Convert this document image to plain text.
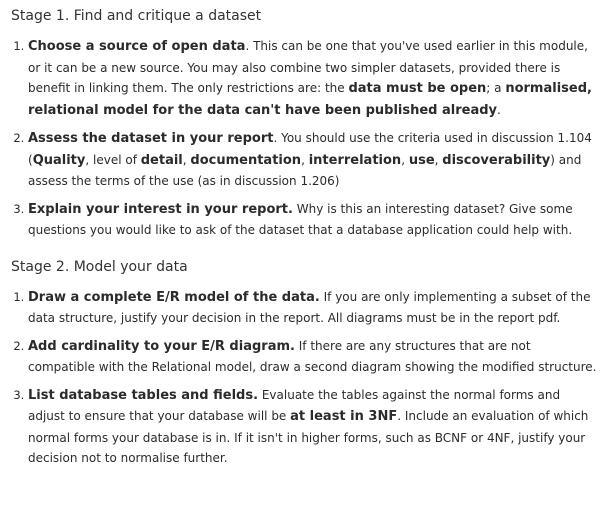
Stage 1. Find and critique a dataset
1. Choose a source of open data. This can be one that you've used earlier in this module, or it can be a new source. You may also combine two simpler datasets, provided there is benefit in linking them. The only restrictions are: the data must be open; a normalised, relational model for the data can't have been published already.
2. Assess the dataset in your report. You should use the criteria used in discussion 1.104 (Quality, level of detail, documentation, interrelation, use, discoverability) and assess the terms of the use (as in discussion 1.206)
3. Explain your interest in your report. Why is this an interesting dataset? Give some questions you would like to ask of the dataset that a database application could help with.
Stage 2. Model your data
1. Draw a complete E/R model of the data. If you are only implementing a subset of the data structure, justify your decision in the report. All diagrams must be in the report pdf.
2. Add cardinality to your E/R diagram. If there are any structures that are not compatible with the Relational model, draw a second diagram showing the modified structure.
3. List database tables and fields. Evaluate the tables against the normal forms and adjust to ensure that your database will be at least in 3NF. Include an evaluation of which normal forms your database is in. If it isn't in higher forms, such as BCNF or 4NF, justify your decision not to normalise further.
